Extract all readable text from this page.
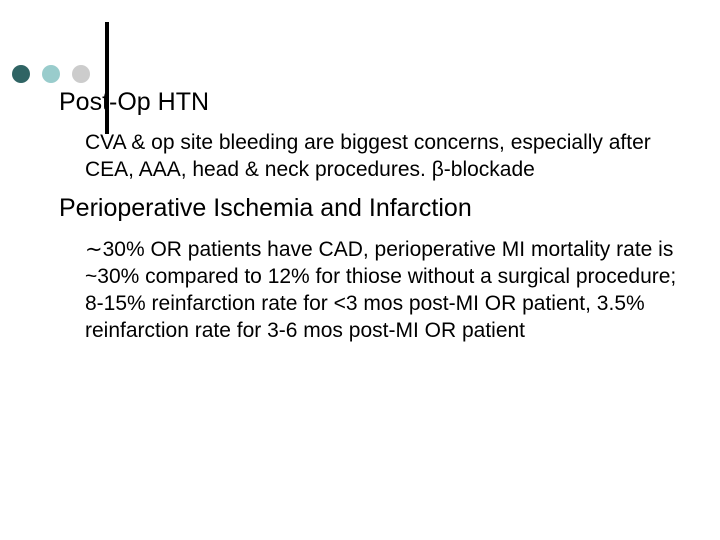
Post-Op HTN

CVA & op site bleeding are biggest concerns, especially after CEA, AAA, head & neck procedures. β-blockade

Perioperative Ischemia and Infarction

∼30% OR patients have CAD, perioperative MI mortality rate is ~30% compared to 12% for thiose without a surgical procedure; 8-15% reinfarction rate for <3 mos post-MI OR patient, 3.5% reinfarction rate for 3-6 mos post-MI OR patient
